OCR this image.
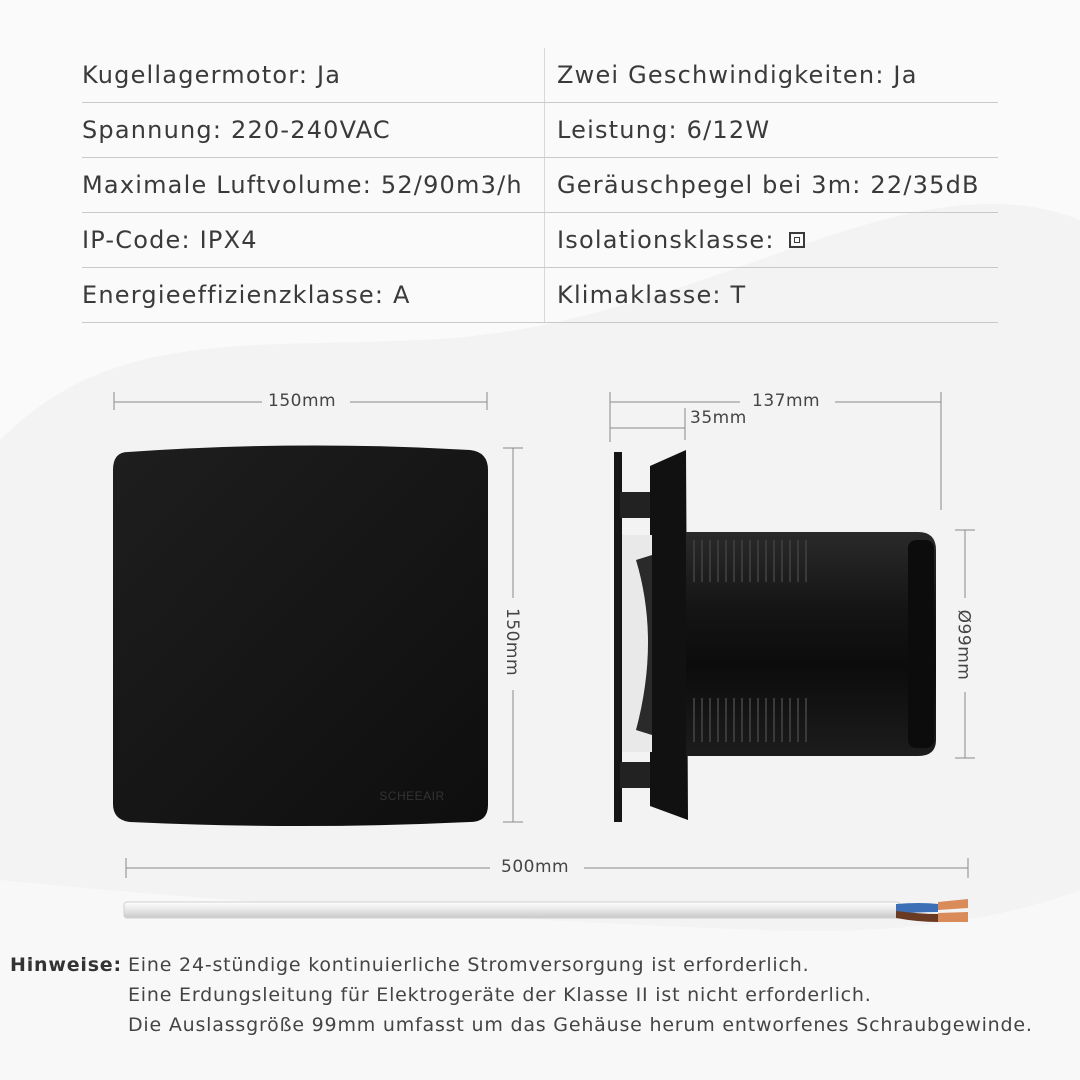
Kugellagermotor: Ja	Zwei Geschwindigkeiten: Ja
Spannung: 220-240VAC	Leistung: 6/12W
Maximale Luftvolume: 52/90m3/h	Geräuschpegel bei 3m: 22/35dB
IP-Code: IPX4	Isolationsklasse:
Energieeffizienzklasse: A	Klimaklasse: T
SCHEEAIR
150mm
150mm
137mm
35mm
Ø99mm
500mm
Hinweise: Eine 24-stündige kontinuierliche Stromversorgung ist erforderlich.
Eine Erdungsleitung für Elektrogeräte der Klasse II ist nicht erforderlich.
Die Auslassgröße 99mm umfasst um das Gehäuse herum entworfenes Schraubgewinde.
